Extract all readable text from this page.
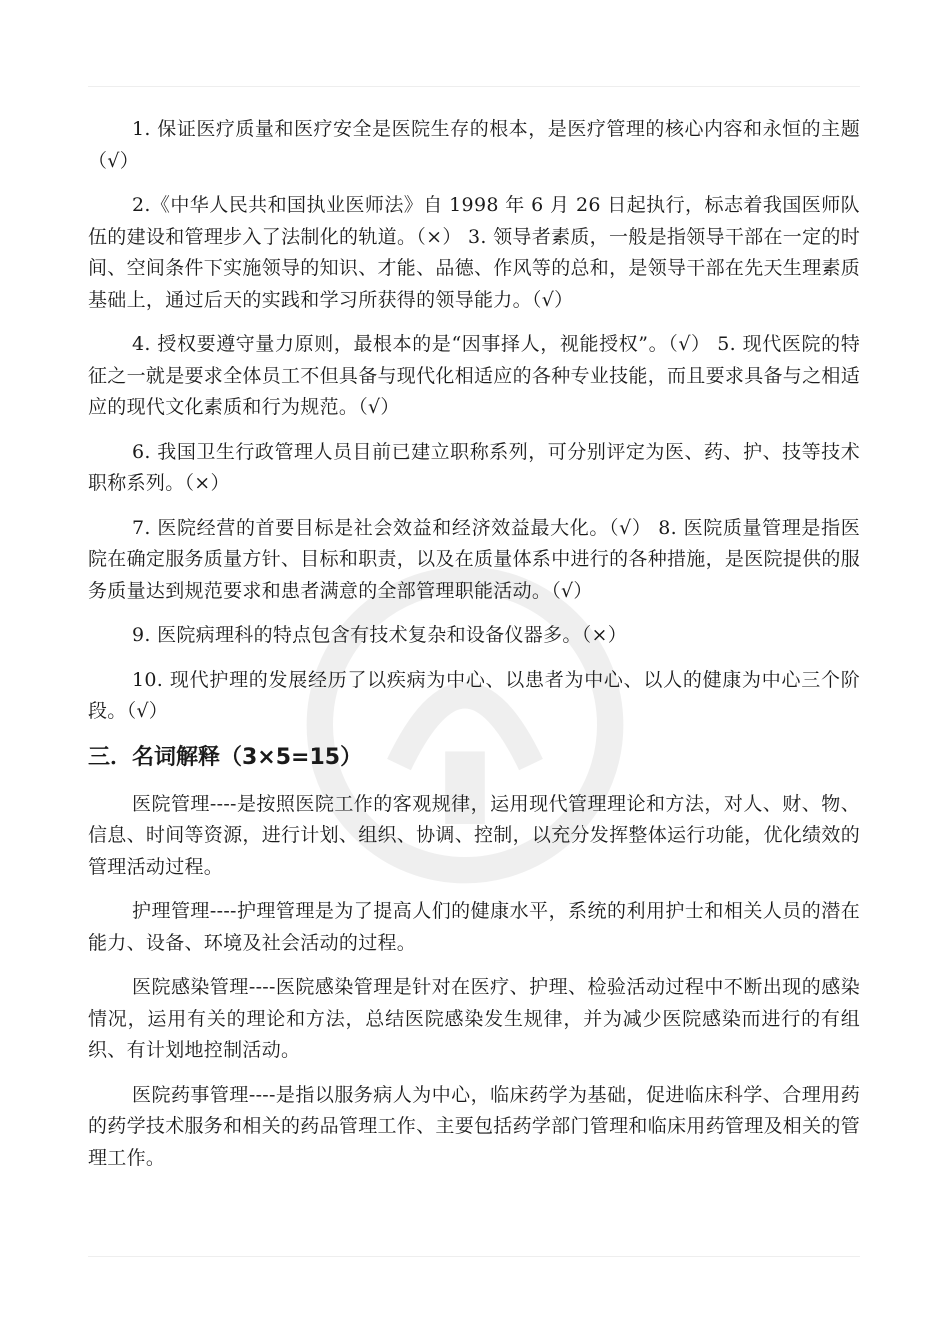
1. 保证医疗质量和医疗安全是医院生存的根本，是医疗管理的核心内容和永恒的主题（√）

2.《中华人民共和国执业医师法》自 1998 年 6 月 26 日起执行，标志着我国医师队伍的建设和管理步入了法制化的轨道。（×） 3. 领导者素质，一般是指领导干部在一定的时间、空间条件下实施领导的知识、才能、品德、作风等的总和，是领导干部在先天生理素质基础上，通过后天的实践和学习所获得的领导能力。（√）

4. 授权要遵守量力原则，最根本的是“因事择人，视能授权”。（√） 5. 现代医院的特征之一就是要求全体员工不但具备与现代化相适应的各种专业技能，而且要求具备与之相适应的现代文化素质和行为规范。（√）

6. 我国卫生行政管理人员目前已建立职称系列，可分别评定为医、药、护、技等技术职称系列。（×）

7. 医院经营的首要目标是社会效益和经济效益最大化。（√） 8. 医院质量管理是指医院在确定服务质量方针、目标和职责，以及在质量体系中进行的各种措施，是医院提供的服务质量达到规范要求和患者满意的全部管理职能活动。（√）

9. 医院病理科的特点包含有技术复杂和设备仪器多。（×）

10. 现代护理的发展经历了以疾病为中心、以患者为中心、以人的健康为中心三个阶段。（√）

三．名词解释（3×5=15）

医院管理----是按照医院工作的客观规律，运用现代管理理论和方法，对人、财、物、信息、时间等资源，进行计划、组织、协调、控制，以充分发挥整体运行功能，优化绩效的管理活动过程。

护理管理----护理管理是为了提高人们的健康水平，系统的利用护士和相关人员的潜在能力、设备、环境及社会活动的过程。

医院感染管理----医院感染管理是针对在医疗、护理、检验活动过程中不断出现的感染情况，运用有关的理论和方法，总结医院感染发生规律，并为减少医院感染而进行的有组织、有计划地控制活动。

医院药事管理----是指以服务病人为中心，临床药学为基础，促进临床科学、合理用药的药学技术服务和相关的药品管理工作、主要包括药学部门管理和临床用药管理及相关的管理工作。
